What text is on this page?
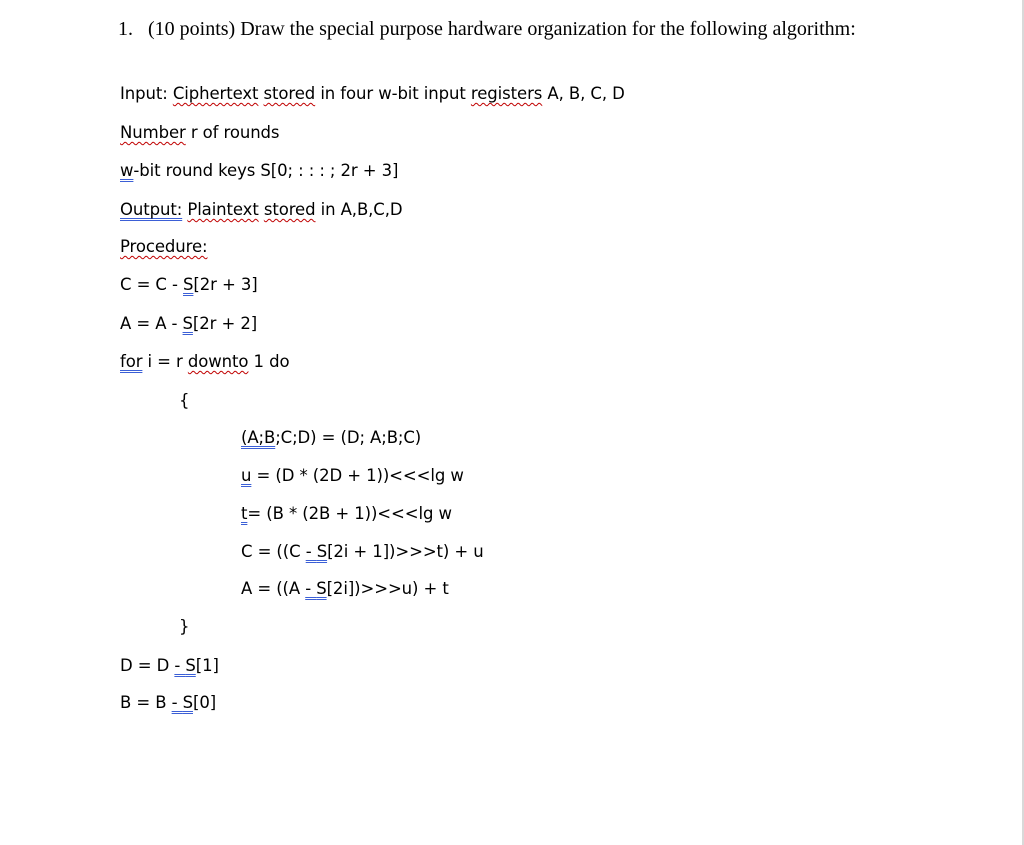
1. (10 points) Draw the special purpose hardware organization for the following algorithm:
Input: Ciphertext stored in four w-bit input registers A, B, C, D
Number r of rounds
w-bit round keys S[0; : : : ; 2r + 3]
Output: Plaintext stored in A,B,C,D
Procedure:
C = C - S[2r + 3]
A = A - S[2r + 2]
for i = r downto 1 do
{
(A;B;C;D) = (D; A;B;C)
u = (D * (2D + 1))<<<lg w
t= (B * (2B + 1))<<<lg w
C = ((C - S[2i + 1])>>>t) + u
A = ((A - S[2i])>>>u) + t
}
D = D - S[1]
B = B - S[0]
